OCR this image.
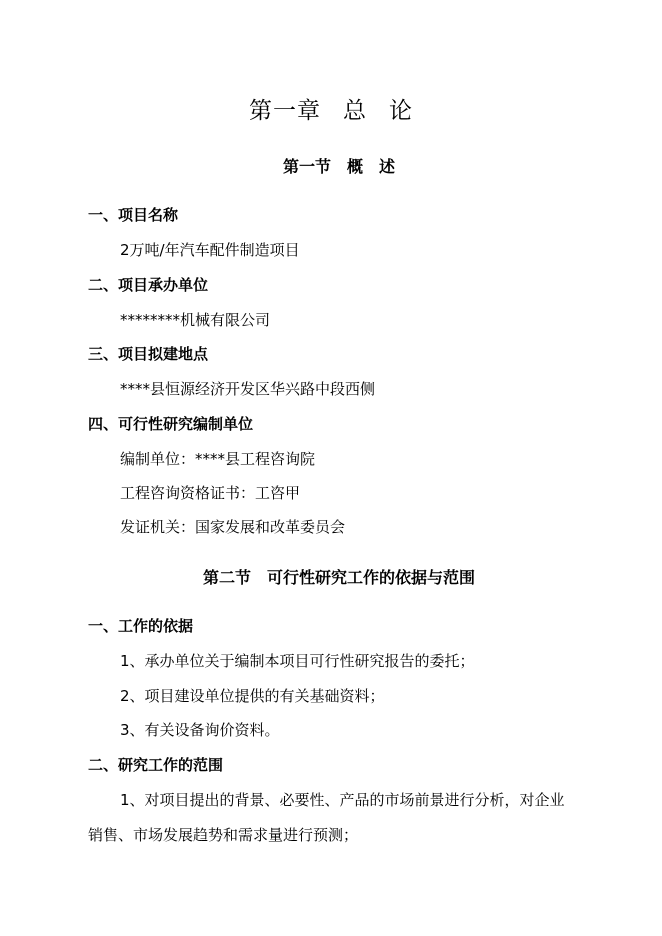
第一章 总 论
第一节 概 述
一、项目名称
2万吨/年汽车配件制造项目
二、项目承办单位
********机械有限公司
三、项目拟建地点
****县恒源经济开发区华兴路中段西侧
四、可行性研究编制单位
编制单位：****县工程咨询院
工程咨询资格证书：工咨甲
发证机关：国家发展和改革委员会
第二节 可行性研究工作的依据与范围
一、工作的依据
1、承办单位关于编制本项目可行性研究报告的委托；
2、项目建设单位提供的有关基础资料；
3、有关设备询价资料。
二、研究工作的范围
1、对项目提出的背景、必要性、产品的市场前景进行分析，对企业
销售、市场发展趋势和需求量进行预测；
